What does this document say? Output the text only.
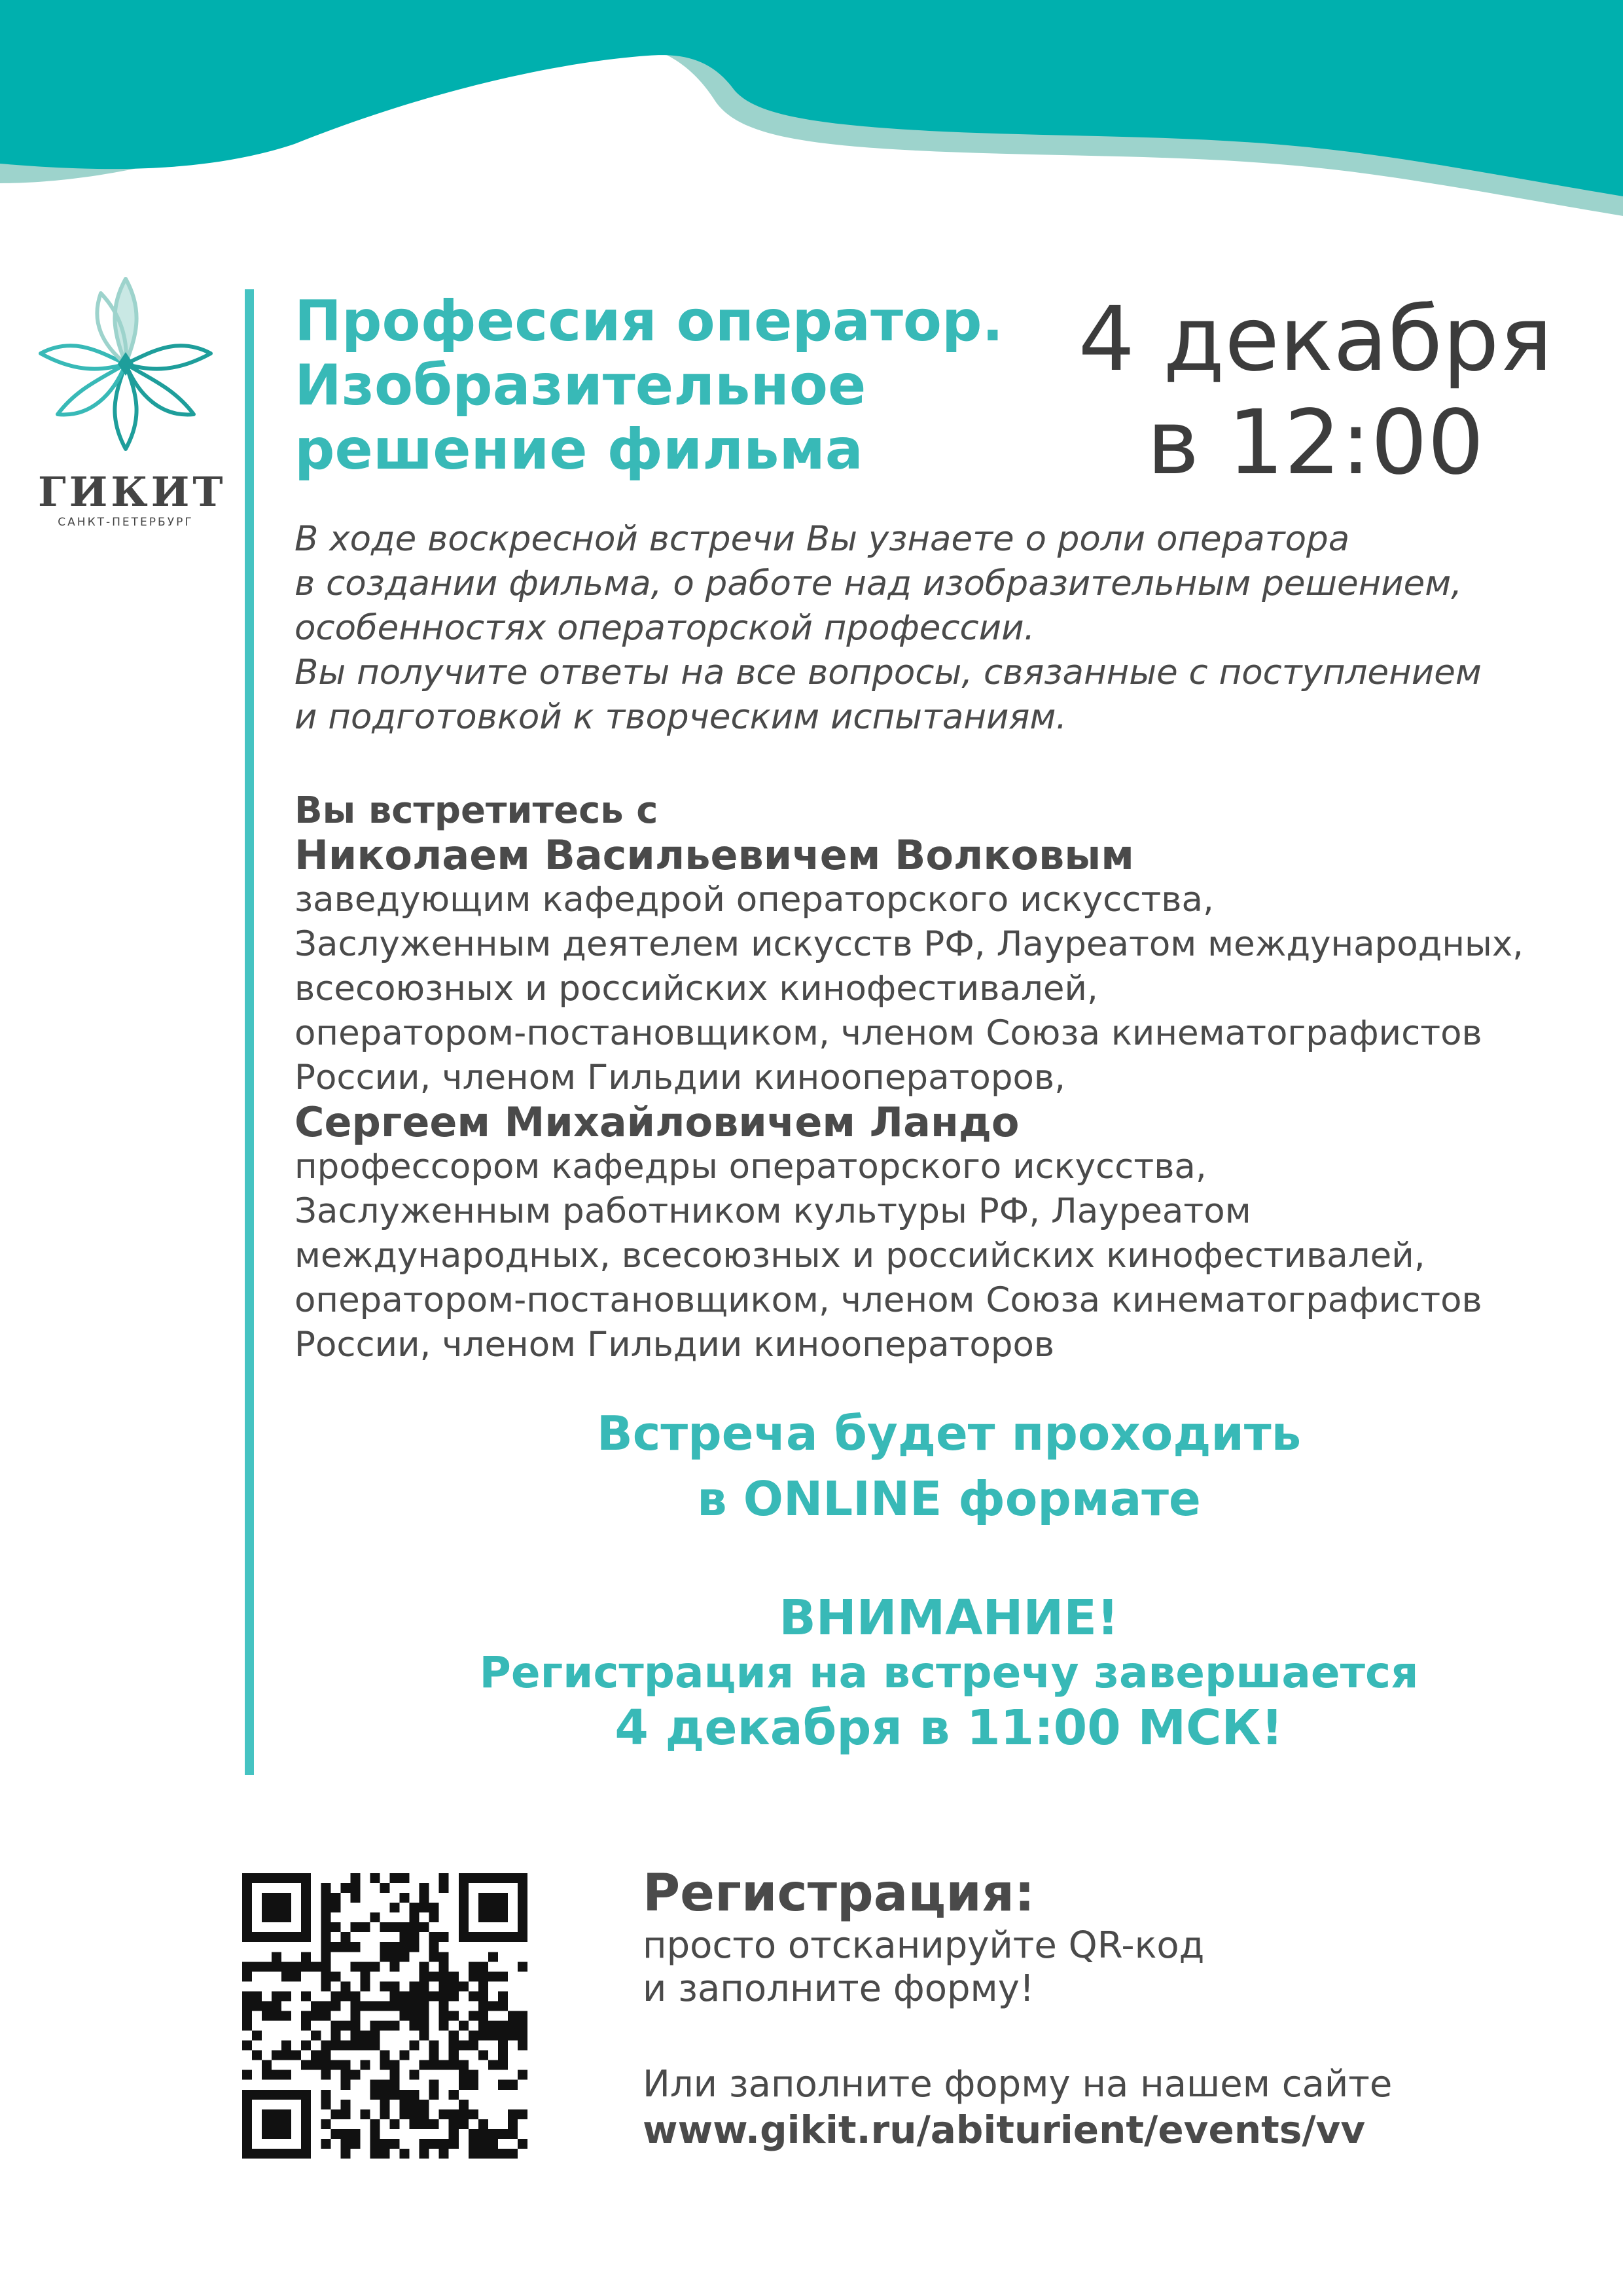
ГИКИТ
САНКТ-ПЕТЕРБУРГ
Профессия оператор.
Изобразительное
решение фильма
4 декабря
в 12:00
В ходе воскресной встречи Вы узнаете о роли оператора
в создании фильма, о работе над изобразительным решением,
особенностях операторской профессии.
Вы получите ответы на все вопросы, связанные с поступлением
и подготовкой к творческим испытаниям.
Вы встретитесь с
Николаем Васильевичем Волковым
заведующим кафедрой операторского искусства,
Заслуженным деятелем искусств РФ, Лауреатом международных,
всесоюзных и российских кинофестивалей,
оператором-постановщиком, членом Союза кинематографистов
России, членом Гильдии кинооператоров,
Сергеем Михайловичем Ландо
профессором кафедры операторского искусства,
Заслуженным работником культуры РФ, Лауреатом
международных, всесоюзных и российских кинофестивалей,
оператором-постановщиком, членом Союза кинематографистов
России, членом Гильдии кинооператоров
Встреча будет проходить
в ONLINE формате
ВНИМАНИЕ!
Регистрация на встречу завершается
4 декабря в 11:00 МСК!
Регистрация:
просто отсканируйте QR-код
и заполните форму!
Или заполните форму на нашем сайте
www.gikit.ru/abiturient/events/vv
